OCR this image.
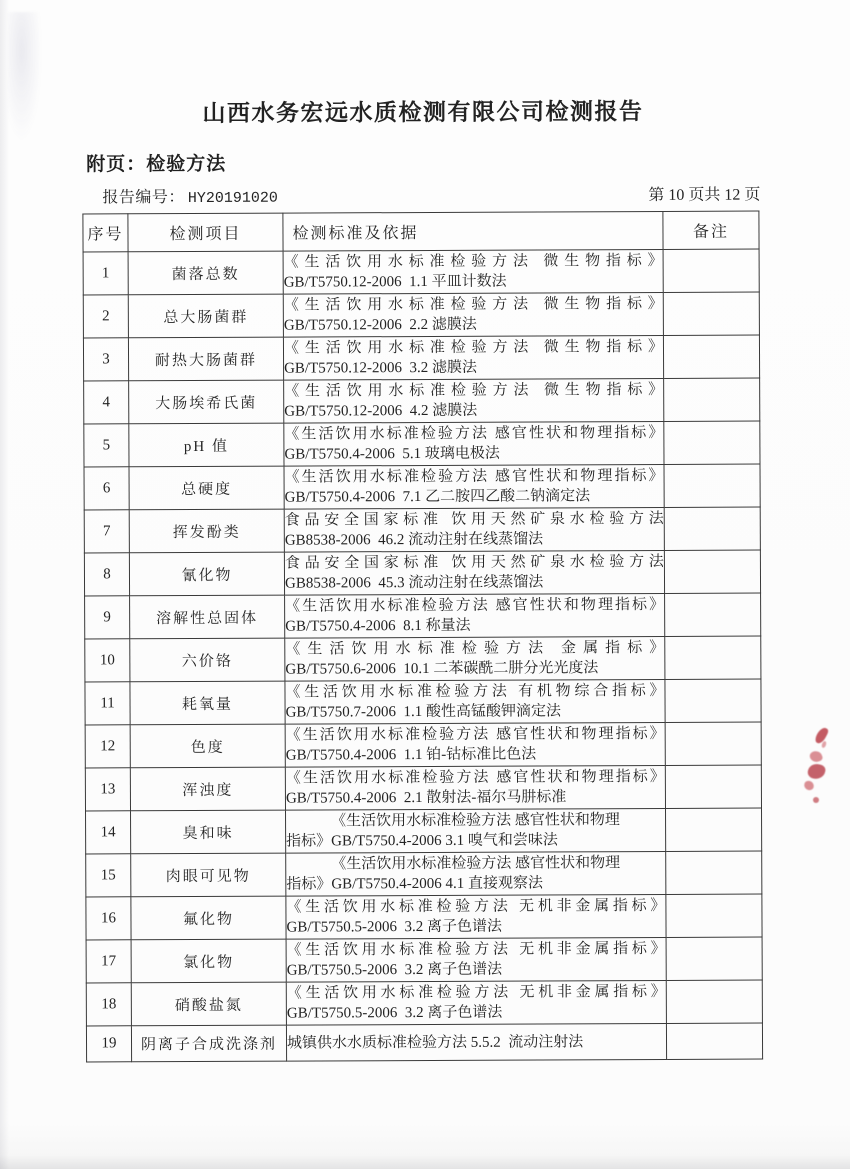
山西水务宏远水质检测有限公司检测报告
附页：检验方法
报告编号： HY20191020	第 10 页共 12 页
序号	检测项目	检测标准及依据	备注
1	菌落总数	《生活饮用水标准检验方法 微生物指标》
GB/T5750.12-2006  1.1 平皿计数法	

2	总大肠菌群	《生活饮用水标准检验方法 微生物指标》
GB/T5750.12-2006  2.2 滤膜法	

3	耐热大肠菌群	《生活饮用水标准检验方法 微生物指标》
GB/T5750.12-2006  3.2 滤膜法	

4	大肠埃希氏菌	《生活饮用水标准检验方法 微生物指标》
GB/T5750.12-2006  4.2 滤膜法	

5	pH 值	《生活饮用水标准检验方法 感官性状和物理指标》
GB/T5750.4-2006  5.1 玻璃电极法	

6	总硬度	《生活饮用水标准检验方法 感官性状和物理指标》
GB/T5750.4-2006  7.1 乙二胺四乙酸二钠滴定法	

7	挥发酚类	食品安全国家标准 饮用天然矿泉水检验方法
GB8538-2006  46.2 流动注射在线蒸馏法	

8	氰化物	食品安全国家标准 饮用天然矿泉水检验方法
GB8538-2006  45.3 流动注射在线蒸馏法	

9	溶解性总固体	《生活饮用水标准检验方法 感官性状和物理指标》
GB/T5750.4-2006  8.1 称量法	

10	六价铬	《生活饮用水标准检验方法 金属指标》
GB/T5750.6-2006  10.1 二苯碳酰二肼分光光度法	

11	耗氧量	《生活饮用水标准检验方法 有机物综合指标》
GB/T5750.7-2006  1.1 酸性高锰酸钾滴定法	

12	色度	《生活饮用水标准检验方法 感官性状和物理指标》
GB/T5750.4-2006  1.1 铂-钴标准比色法	

13	浑浊度	《生活饮用水标准检验方法 感官性状和物理指标》
GB/T5750.4-2006  2.1 散射法-福尔马肼标准	

14	臭和味	《生活饮用水标准检验方法 感官性状和物理
指标》GB/T5750.4-2006 3.1 嗅气和尝味法	

15	肉眼可见物	《生活饮用水标准检验方法 感官性状和物理
指标》GB/T5750.4-2006 4.1 直接观察法	

16	氟化物	《生活饮用水标准检验方法 无机非金属指标》
GB/T5750.5-2006  3.2 离子色谱法	

17	氯化物	《生活饮用水标准检验方法 无机非金属指标》
GB/T5750.5-2006  3.2 离子色谱法	

18	硝酸盐氮	《生活饮用水标准检验方法 无机非金属指标》
GB/T5750.5-2006  3.2 离子色谱法	

19	阴离子合成洗涤剂	城镇供水水质标准检验方法 5.5.2  流动注射法	
